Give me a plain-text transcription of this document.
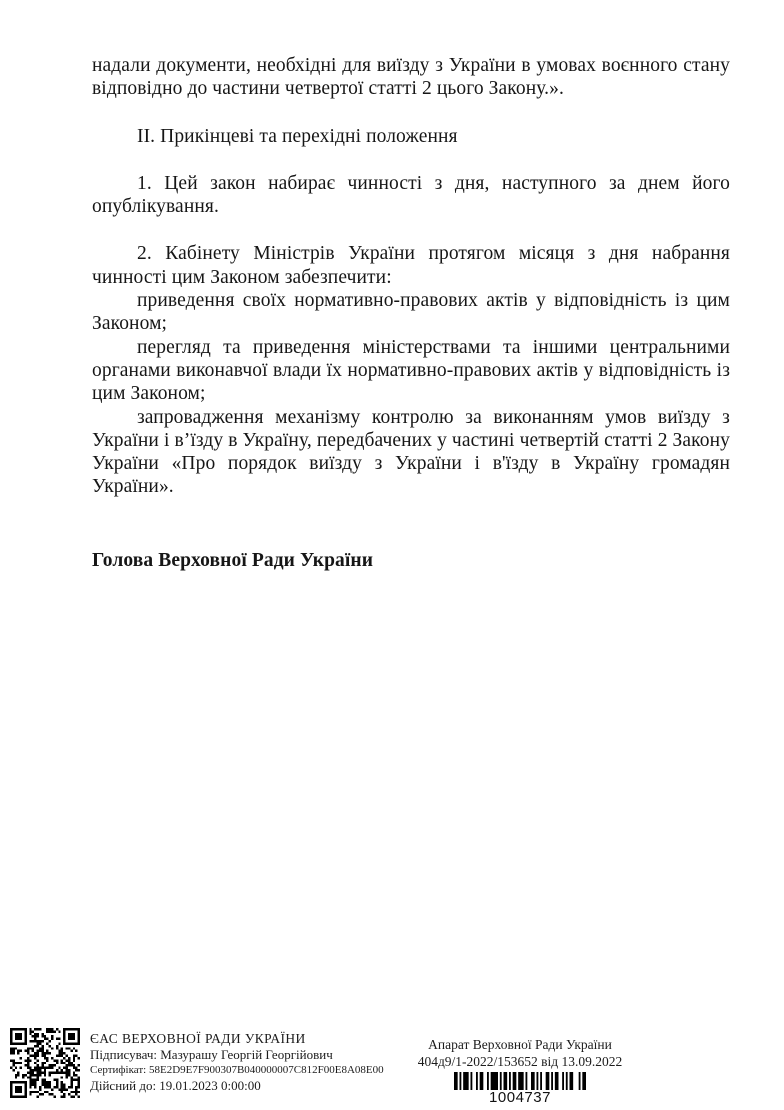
надали документи, необхідні для виїзду з України в умовах воєнного стану відповідно до частини четвертої статті 2 цього Закону.».

II. Прикінцеві та перехідні положення

1. Цей закон набирає чинності з дня, наступного за днем його опублікування.

2. Кабінету Міністрів України протягом місяця з дня набрання чинності цим Законом забезпечити:

приведення своїх нормативно-правових актів у відповідність із цим Законом;

перегляд та приведення міністерствами та іншими центральними органами виконавчої влади їх нормативно-правових актів у відповідність із цим Законом;

запровадження механізму контролю за виконанням умов виїзду з України і в’їзду в Україну, передбачених у частині четвертій статті 2 Закону України «Про порядок виїзду з України і в'їзду в Україну громадян України».

Голова Верховної Ради України

ЄАС ВЕРХОВНОЇ РАДИ УКРАЇНИ
Підписувач: Мазурашу Георгій Георгійович
Сертифікат: 58E2D9E7F900307B040000007C812F00E8A08E00
Дійсний до: 19.01.2023 0:00:00
Апарат Верховної Ради України
404д9/1-2022/153652 від 13.09.2022
1004737
